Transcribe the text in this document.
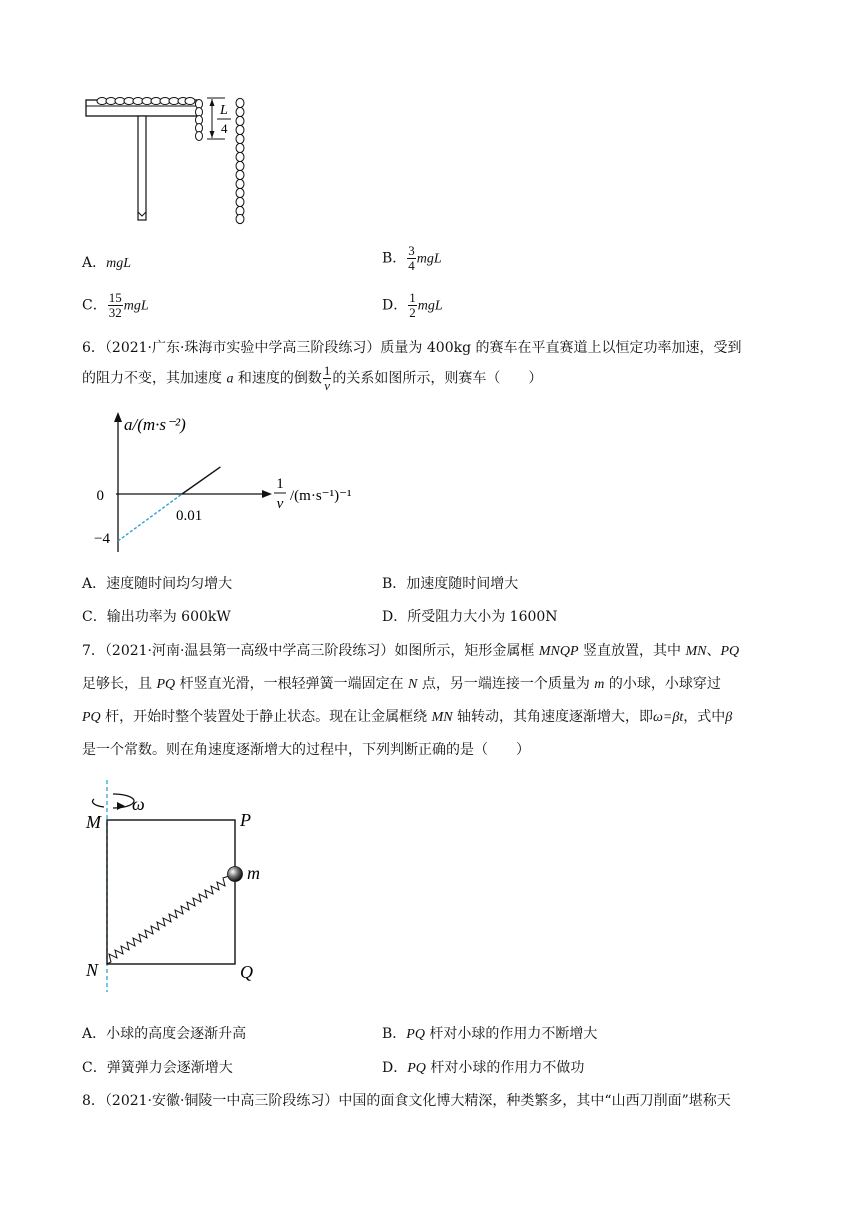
L
4
A．mgL	B． $\frac{3}{4}$ mgL
C． $\frac{15}{32}$ mgL	D． $\frac{1}{2}$ mgL
6．（2021·广东·珠海市实验中学高三阶段练习）质量为 400kg 的赛车在平直赛道上以恒定功率加速，受到
的阻力不变，其加速度 a 和速度的倒数 $\frac{1}{v}$ 的关系如图所示，则赛车（　　）
a/(m·s⁻²)
1
v /(m·s⁻¹)⁻¹
0
0.01
−4
A．速度随时间均匀增大	B．加速度随时间增大
C．输出功率为 600kW	D．所受阻力大小为 1600N
7．（2021·河南·温县第一高级中学高三阶段练习）如图所示，矩形金属框 MNQP 竖直放置，其中 MN、PQ
足够长，且 PQ 杆竖直光滑，一根轻弹簧一端固定在 N 点，另一端连接一个质量为 m 的小球，小球穿过
PQ 杆，开始时整个装置处于静止状态。现在让金属框绕 MN 轴转动，其角速度逐渐增大，即ω=βt，式中β
是一个常数。则在角速度逐渐增大的过程中，下列判断正确的是（　　）
ω
M	P
N	Q
m
A．小球的高度会逐渐升高	B．PQ 杆对小球的作用力不断增大
C．弹簧弹力会逐渐增大	D．PQ 杆对小球的作用力不做功
8．（2021·安徽·铜陵一中高三阶段练习）中国的面食文化博大精深，种类繁多，其中“山西刀削面”堪称天
